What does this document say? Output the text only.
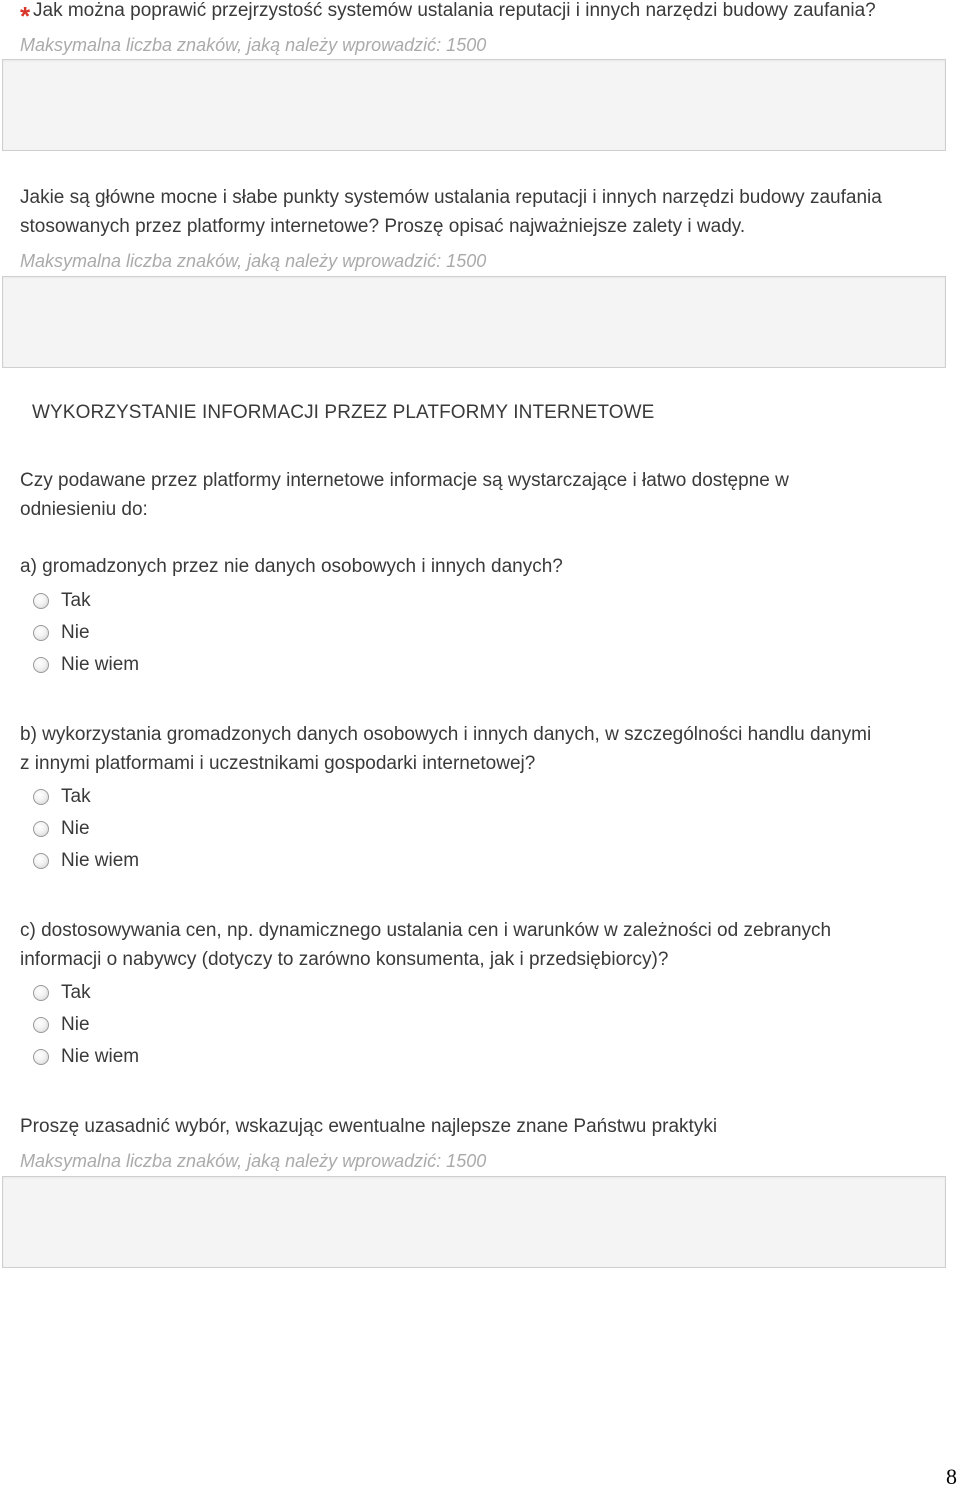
* Jak można poprawić przejrzystość systemów ustalania reputacji i innych narzędzi budowy zaufania?
Maksymalna liczba znaków, jaką należy wprowadzić: 1500
Jakie są główne mocne i słabe punkty systemów ustalania reputacji i innych narzędzi budowy zaufania
stosowanych przez platformy internetowe? Proszę opisać najważniejsze zalety i wady.
Maksymalna liczba znaków, jaką należy wprowadzić: 1500
WYKORZYSTANIE INFORMACJI PRZEZ PLATFORMY INTERNETOWE
Czy podawane przez platformy internetowe informacje są wystarczające i łatwo dostępne w
odniesieniu do:
a) gromadzonych przez nie danych osobowych i innych danych?
Tak
Nie
Nie wiem
b) wykorzystania gromadzonych danych osobowych i innych danych, w szczególności handlu danymi
z innymi platformami i uczestnikami gospodarki internetowej?
Tak
Nie
Nie wiem
c) dostosowywania cen, np. dynamicznego ustalania cen i warunków w zależności od zebranych
informacji o nabywcy (dotyczy to zarówno konsumenta, jak i przedsiębiorcy)?
Tak
Nie
Nie wiem
Proszę uzasadnić wybór, wskazując ewentualne najlepsze znane Państwu praktyki
Maksymalna liczba znaków, jaką należy wprowadzić: 1500
8
